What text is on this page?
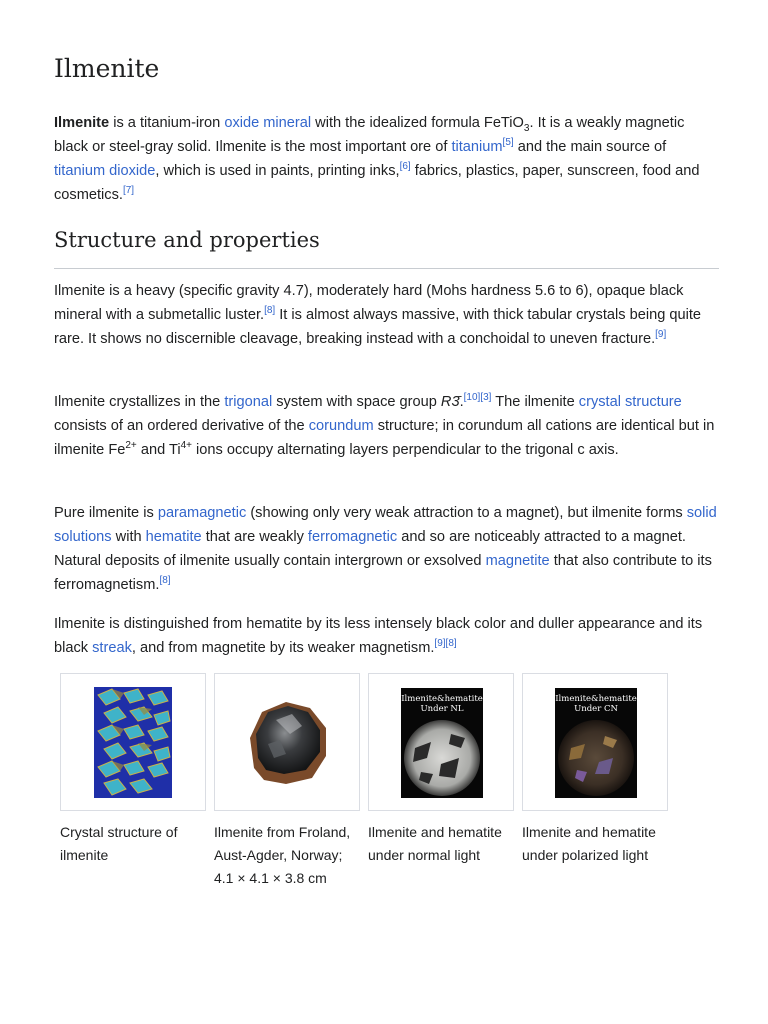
Ilmenite

Ilmenite is a titanium-iron oxide mineral with the idealized formula FeTiO$_3$. It is a weakly magnetic black or steel-gray solid. Ilmenite is the most important ore of titanium[5] and the main source of titanium dioxide, which is used in paints, printing inks,[6] fabrics, plastics, paper, sunscreen, food and cosmetics.[7]

Structure and properties

Ilmenite is a heavy (specific gravity 4.7), moderately hard (Mohs hardness 5.6 to 6), opaque black mineral with a submetallic luster.[8] It is almost always massive, with thick tabular crystals being quite rare. It shows no discernible cleavage, breaking instead with a conchoidal to uneven fracture.[9]

Ilmenite crystallizes in the trigonal system with space group R3̄.[10][3] The ilmenite crystal structure consists of an ordered derivative of the corundum structure; in corundum all cations are identical but in ilmenite $Fe^{2+}$ and $Ti^{4+}$ ions occupy alternating layers perpendicular to the trigonal c axis.

Pure ilmenite is paramagnetic (showing only very weak attraction to a magnet), but ilmenite forms solid solutions with hematite that are weakly ferromagnetic and so are noticeably attracted to a magnet. Natural deposits of ilmenite usually contain intergrown or exsolved magnetite that also contribute to its ferromagnetism.[8]

Ilmenite is distinguished from hematite by its less intensely black color and duller appearance and its black streak, and from magnetite by its weaker magnetism.[9][8]

Crystal structure of ilmenite
Ilmenite from Froland, Aust-Agder, Norway; 4.1 × 4.1 × 3.8 cm
Ilmenite&hematite
Under NL
Ilmenite and hematite under normal light
Ilmenite&hematite
Under CN
Ilmenite and hematite under polarized light
